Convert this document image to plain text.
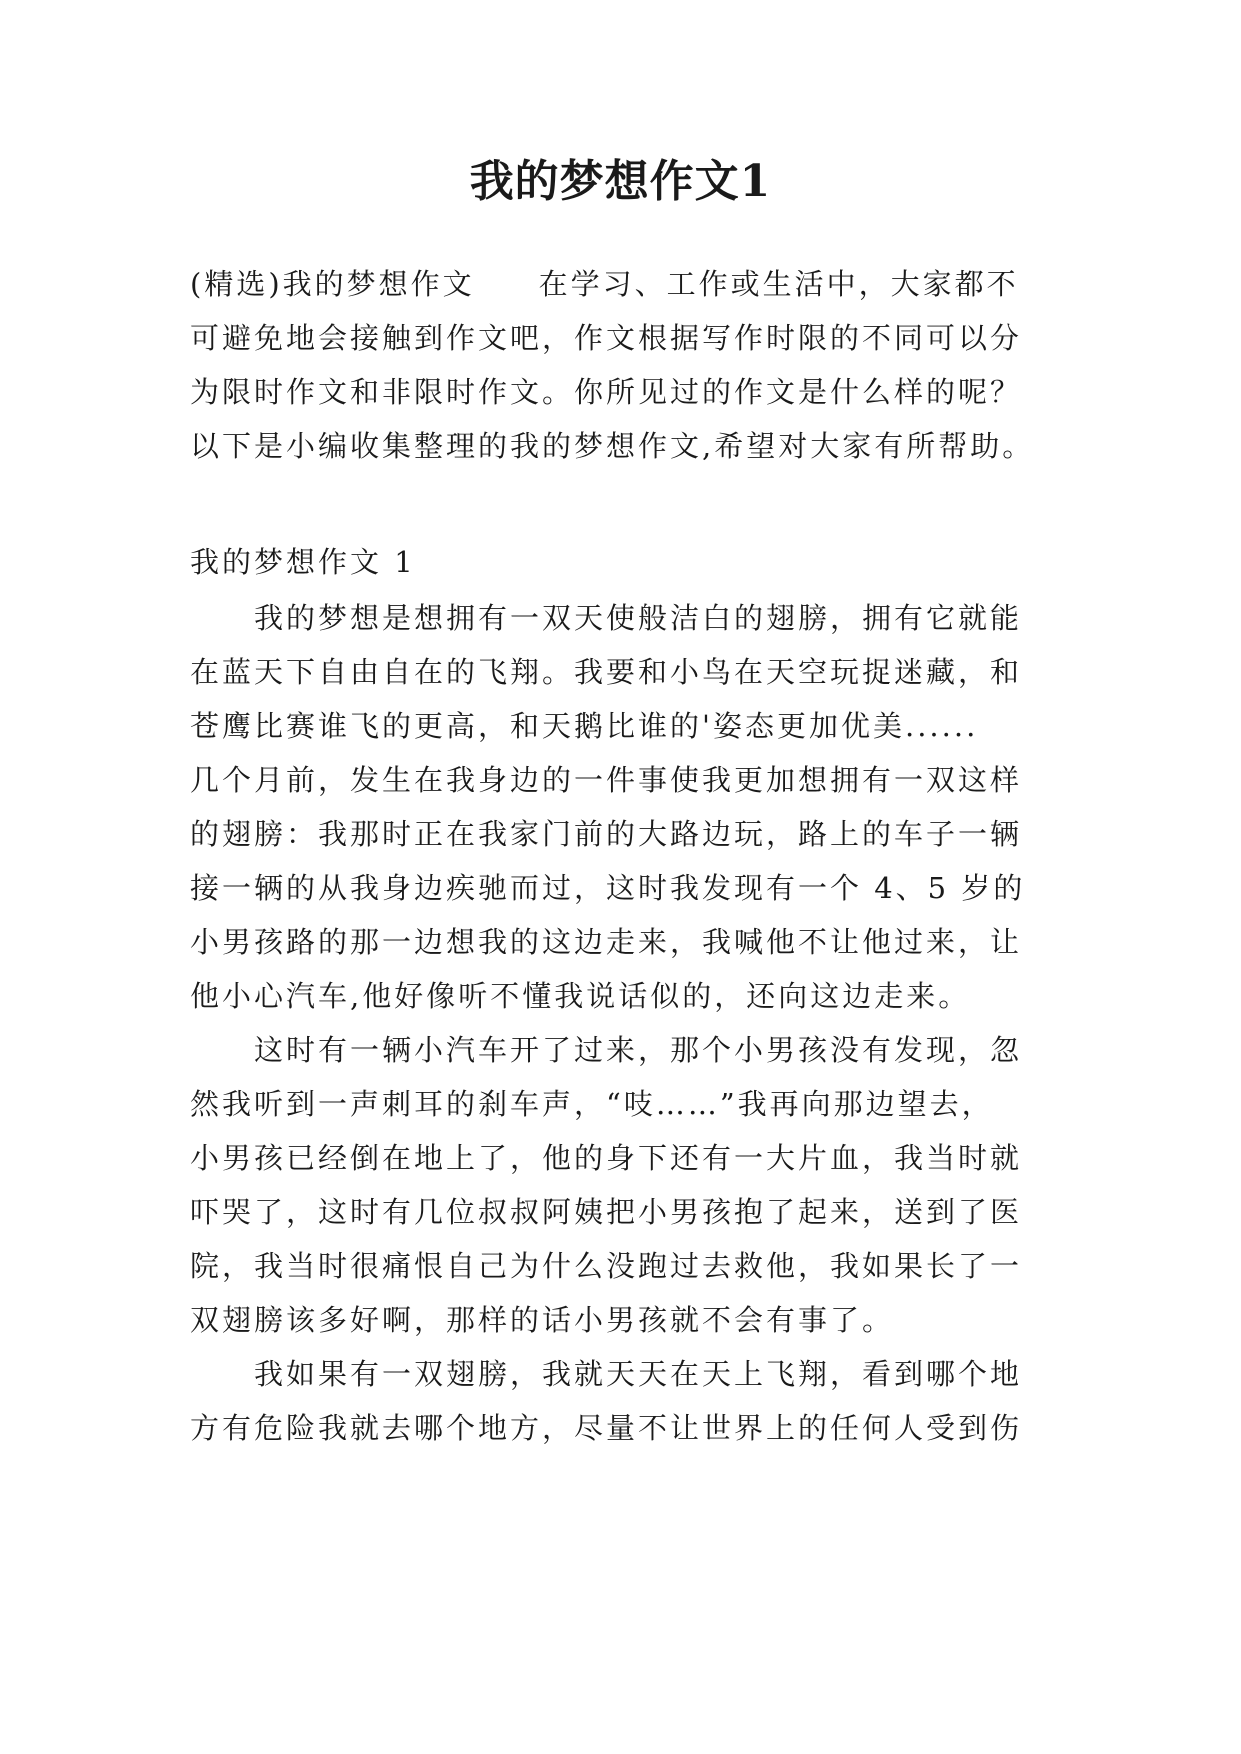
我的梦想作文1
(精选)我的梦想作文　　在学习、工作或生活中，大家都不
可避免地会接触到作文吧，作文根据写作时限的不同可以分
为限时作文和非限时作文。你所见过的作文是什么样的呢？
以下是小编收集整理的我的梦想作文,希望对大家有所帮助。
我的梦想作文 1
　　我的梦想是想拥有一双天使般洁白的翅膀，拥有它就能
在蓝天下自由自在的飞翔。我要和小鸟在天空玩捉迷藏，和
苍鹰比赛谁飞的更高，和天鹅比谁的'姿态更加优美......
几个月前，发生在我身边的一件事使我更加想拥有一双这样
的翅膀：我那时正在我家门前的大路边玩，路上的车子一辆
接一辆的从我身边疾驰而过，这时我发现有一个 4、5 岁的
小男孩路的那一边想我的这边走来，我喊他不让他过来，让
他小心汽车,他好像听不懂我说话似的，还向这边走来。
　　这时有一辆小汽车开了过来，那个小男孩没有发现，忽
然我听到一声刺耳的刹车声，“吱……”我再向那边望去，
小男孩已经倒在地上了，他的身下还有一大片血，我当时就
吓哭了，这时有几位叔叔阿姨把小男孩抱了起来，送到了医
院，我当时很痛恨自己为什么没跑过去救他，我如果长了一
双翅膀该多好啊，那样的话小男孩就不会有事了。
　　我如果有一双翅膀，我就天天在天上飞翔，看到哪个地
方有危险我就去哪个地方，尽量不让世界上的任何人受到伤
